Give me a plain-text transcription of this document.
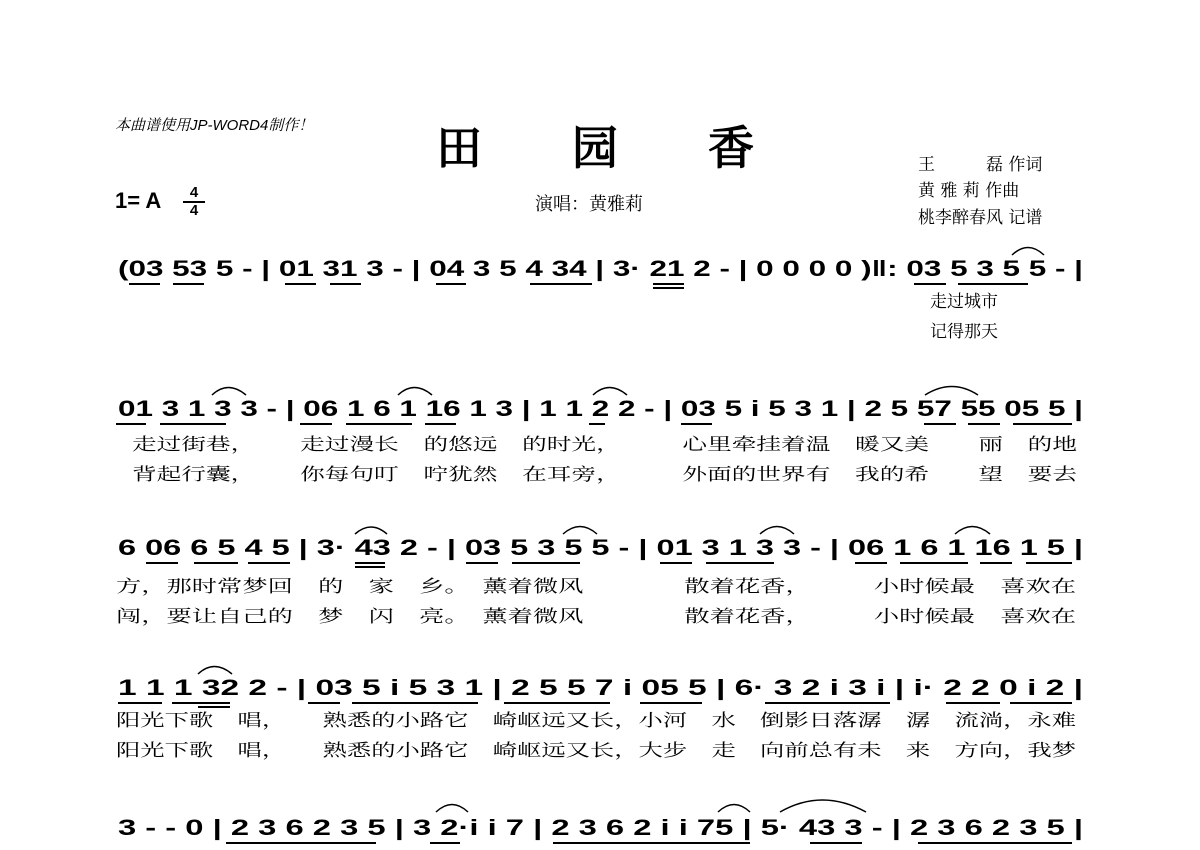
本曲谱使用JP-WORD4制作！	田园香
1= A $\frac{4}{4}$	演唱：黄雅莉
王　　　磊 作词
黄 雅 莉 作曲
桃李醉春风 记谱
(03 53 5 - | 01 31 3 - | 04 3 5 4 34 | 3· 21 2 - | 0 0 0 0 )‖: 03 5 3 5 5 - |
走过城市
记得那天
01 3 1 3 3 - | 06 1 6 1 16 1 3 | 1 1 2 2 - | 03 5 i 5 3 1 | 2 5 57 55 05 5 |
走过街巷，　 　走过漫长　的悠远　的时光，　　　心里牵挂着温　暖又美　　丽　的地
背起行囊，　 　你每句叮　咛犹然　在耳旁，　　　外面的世界有　我的希　　望　要去
6 06 6 5 4 5 | 3· 43 2 - | 03 5 3 5 5 - | 01 3 1 3 3 - | 06 1 6 1 16 1 5 |
方，那时常梦回　的　家　乡。　薰着微风　　　　散着花香，　　　小时候最　喜欢在
闯，要让自己的　梦　闪　亮。　薰着微风　　　　散着花香，　　　小时候最　喜欢在
1 1 1 32 2 - | 03 5 i 5 3 1 | 2 5 5 7 i 05 5 | 6· 3 2 i 3 i | i· 2 2 0 i 2 |
阳光下歌　唱，　　熟悉的小路它　崎岖远又长，小河　水　倒影日落潺　潺　流淌，永难
阳光下歌　唱，　　熟悉的小路它　崎岖远又长，大步　走　向前总有未　来　方向，我梦
3 - - 0 | 2 3 6 2 3 5 | 3 2·i i 7 | 2 3 6 2 i i 75 | 5· 43 3 - | 2 3 6 2 3 5 |
